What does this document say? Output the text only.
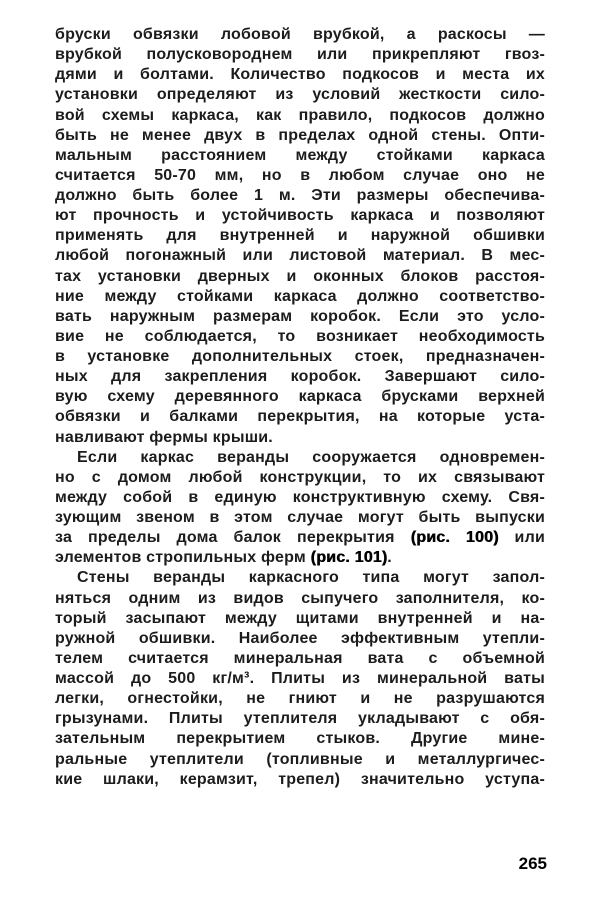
бруски обвязки лобовой врубкой, а раскосы —
врубкой полусковороднем или прикрепляют гвоз-
дями и болтами. Количество подкосов и места их
установки определяют из условий жесткости сило-
вой схемы каркаса, как правило, подкосов должно
быть не менее двух в пределах одной стены. Опти-
мальным расстоянием между стойками каркаса
считается 50-70 мм, но в любом случае оно не
должно быть более 1 м. Эти размеры обеспечива-
ют прочность и устойчивость каркаса и позволяют
применять для внутренней и наружной обшивки
любой погонажный или листовой материал. В мес-
тах установки дверных и оконных блоков расстоя-
ние между стойками каркаса должно соответство-
вать наружным размерам коробок. Если это усло-
вие не соблюдается, то возникает необходимость
в установке дополнительных стоек, предназначен-
ных для закрепления коробок. Завершают сило-
вую схему деревянного каркаса брусками верхней
обвязки и балками перекрытия, на которые уста-
навливают фермы крыши.
Если каркас веранды сооружается одновремен-
но с домом любой конструкции, то их связывают
между собой в единую конструктивную схему. Свя-
зующим звеном в этом случае могут быть выпуски
за пределы дома балок перекрытия (рис. 100) или
элементов стропильных ферм (рис. 101).
Стены веранды каркасного типа могут запол-
няться одним из видов сыпучего заполнителя, ко-
торый засыпают между щитами внутренней и на-
ружной обшивки. Наиболее эффективным утепли-
телем считается минеральная вата с объемной
массой до 500 кг/м³. Плиты из минеральной ваты
легки, огнестойки, не гниют и не разрушаются
грызунами. Плиты утеплителя укладывают с обя-
зательным перекрытием стыков. Другие мине-
ральные утеплители (топливные и металлургичес-
кие шлаки, керамзит, трепел) значительно уступа-
265
